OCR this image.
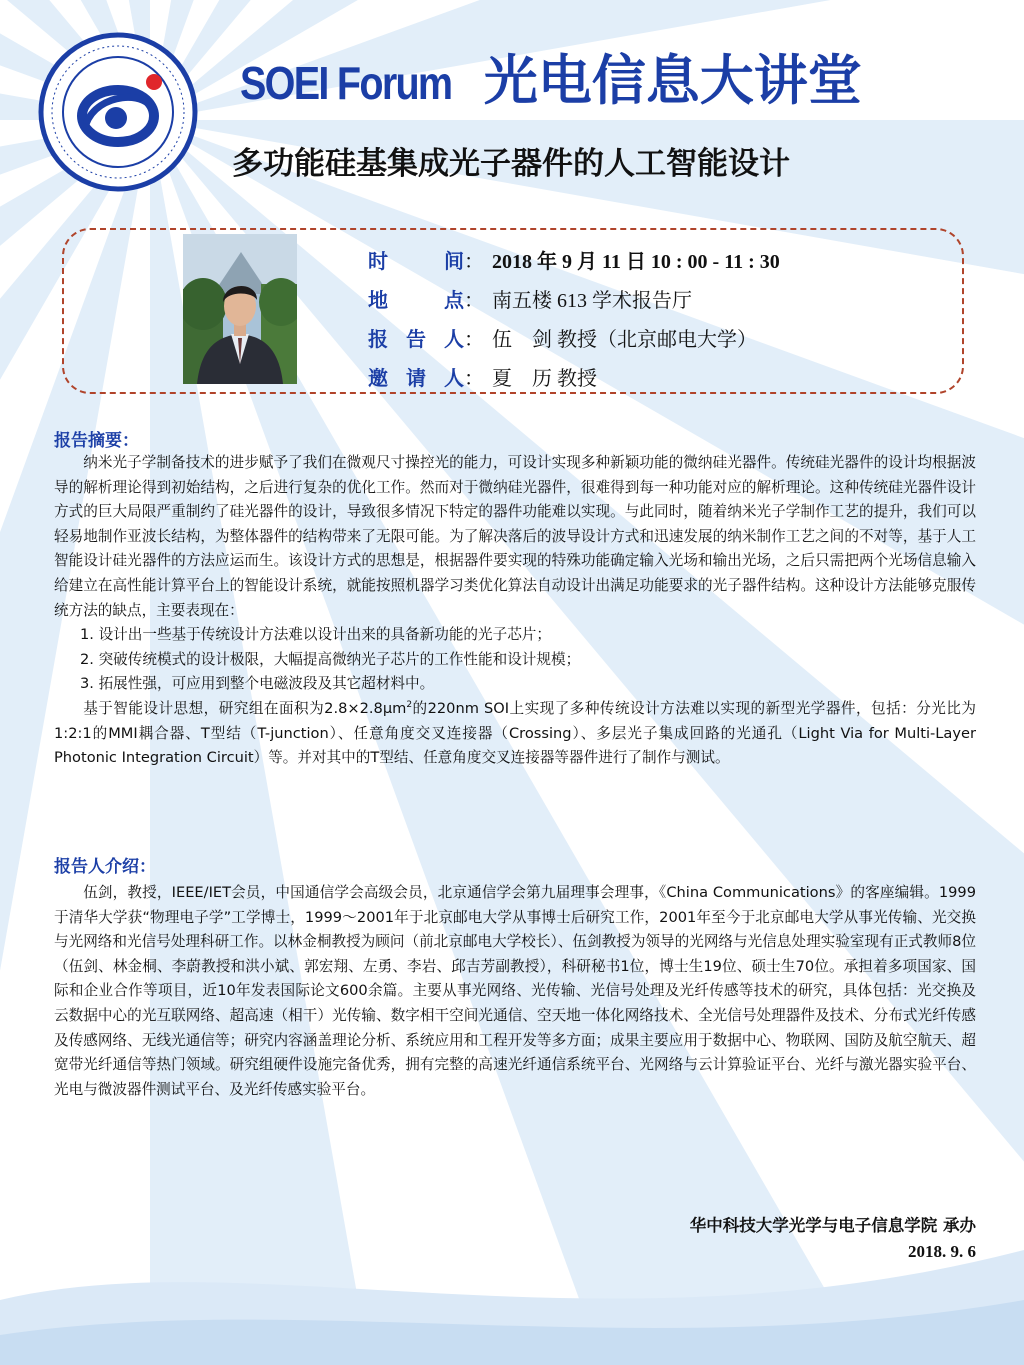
SOEI Forum 光电信息大讲堂
多功能硅基集成光子器件的人工智能设计
时　间 ： 2018 年 9 月 11 日 10 : 00 - 11 : 30
地　点 ： 南五楼 613 学术报告厅
报告人 ： 伍　剑 教授（北京邮电大学）
邀请人 ： 夏　历 教授
报告摘要：

纳米光子学制备技术的进步赋予了我们在微观尺寸操控光的能力，可设计实现多种新颖功能的微纳硅光器件。传统硅光器件的设计均根据波导的解析理论得到初始结构，之后进行复杂的优化工作。然而对于微纳硅光器件，很难得到每一种功能对应的解析理论。这种传统硅光器件设计方式的巨大局限严重制约了硅光器件的设计，导致很多情况下特定的器件功能难以实现。与此同时，随着纳米光子学制作工艺的提升，我们可以轻易地制作亚波长结构，为整体器件的结构带来了无限可能。为了解决落后的波导设计方式和迅速发展的纳米制作工艺之间的不对等，基于人工智能设计硅光器件的方法应运而生。该设计方式的思想是，根据器件要实现的特殊功能确定输入光场和输出光场，之后只需把两个光场信息输入给建立在高性能计算平台上的智能设计系统，就能按照机器学习类优化算法自动设计出满足功能要求的光子器件结构。这种设计方法能够克服传统方法的缺点，主要表现在：

1. 设计出一些基于传统设计方法难以设计出来的具备新功能的光子芯片；

2. 突破传统模式的设计极限，大幅提高微纳光子芯片的工作性能和设计规模；

3. 拓展性强，可应用到整个电磁波段及其它超材料中。

基于智能设计思想，研究组在面积为$2.8\times 2.8\mu m^2$的220nm SOI上实现了多种传统设计方法难以实现的新型光学器件，包括：分光比为1:2:1的MMI耦合器、T型结（T-junction）、任意角度交叉连接器（Crossing）、多层光子集成回路的光通孔（Light Via for Multi-Layer Photonic Integration Circuit）等。并对其中的T型结、任意角度交叉连接器等器件进行了制作与测试。

报告人介绍：

伍剑，教授，IEEE/IET会员，中国通信学会高级会员，北京通信学会第九届理事会理事，《China Communications》的客座编辑。1999于清华大学获“物理电子学”工学博士，1999～2001年于北京邮电大学从事博士后研究工作，2001年至今于北京邮电大学从事光传输、光交换与光网络和光信号处理科研工作。以林金桐教授为顾问（前北京邮电大学校长）、伍剑教授为领导的光网络与光信息处理实验室现有正式教师8位（伍剑、林金桐、李蔚教授和洪小斌、郭宏翔、左勇、李岩、邱吉芳副教授），科研秘书1位，博士生19位、硕士生70位。承担着多项国家、国际和企业合作等项目，近10年发表国际论文600余篇。主要从事光网络、光传输、光信号处理及光纤传感等技术的研究，具体包括：光交换及云数据中心的光互联网络、超高速（相干）光传输、数字相干空间光通信、空天地一体化网络技术、全光信号处理器件及技术、分布式光纤传感及传感网络、无线光通信等；研究内容涵盖理论分析、系统应用和工程开发等多方面；成果主要应用于数据中心、物联网、国防及航空航天、超宽带光纤通信等热门领域。研究组硬件设施完备优秀，拥有完整的高速光纤通信系统平台、光网络与云计算验证平台、光纤与激光器实验平台、光电与微波器件测试平台、及光纤传感实验平台。

华中科技大学光学与电子信息学院 承办
2018. 9. 6
